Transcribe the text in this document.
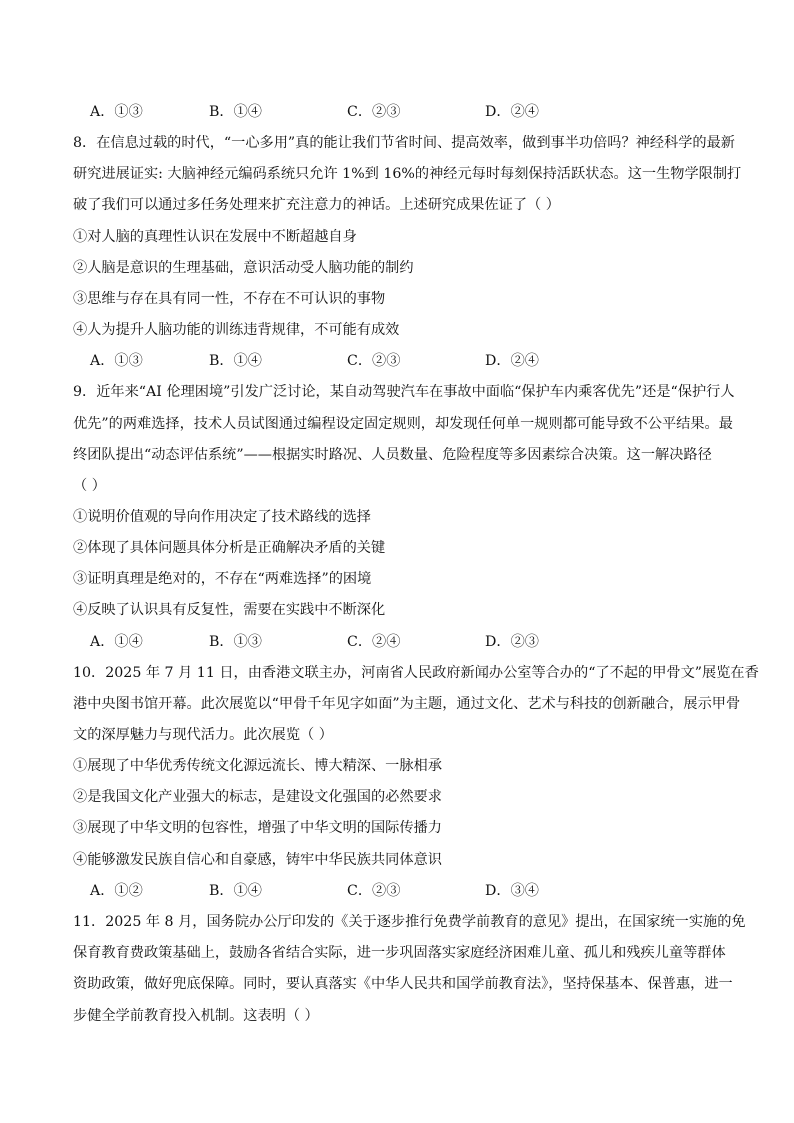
A．①③	B．①④	C．②③	D．②④
8．在信息过载的时代，“一心多用”真的能让我们节省时间、提高效率，做到事半功倍吗？神经科学的最新
研究进展证实: 大脑神经元编码系统只允许 1%到 16%的神经元每时每刻保持活跃状态。这一生物学限制打
破了我们可以通过多任务处理来扩充注意力的神话。上述研究成果佐证了（ ）
①对人脑的真理性认识在发展中不断超越自身
②人脑是意识的生理基础，意识活动受人脑功能的制约
③思维与存在具有同一性，不存在不可认识的事物
④人为提升人脑功能的训练违背规律，不可能有成效
A．①③	B．①④	C．②③	D．②④
9．近年来“AI 伦理困境”引发广泛讨论，某自动驾驶汽车在事故中面临“保护车内乘客优先”还是“保护行人
优先”的两难选择，技术人员试图通过编程设定固定规则，却发现任何单一规则都可能导致不公平结果。最
终团队提出“动态评估系统”——根据实时路况、人员数量、危险程度等多因素综合决策。这一解决路径
（ ）
①说明价值观的导向作用决定了技术路线的选择
②体现了具体问题具体分析是正确解决矛盾的关键
③证明真理是绝对的，不存在“两难选择”的困境
④反映了认识具有反复性，需要在实践中不断深化
A．①④	B．①③	C．②④	D．②③
10．2025 年 7 月 11 日，由香港文联主办，河南省人民政府新闻办公室等合办的“了不起的甲骨文”展览在香
港中央图书馆开幕。此次展览以“甲骨千年见字如面”为主题，通过文化、艺术与科技的创新融合，展示甲骨
文的深厚魅力与现代活力。此次展览（ ）
①展现了中华优秀传统文化源远流长、博大精深、一脉相承
②是我国文化产业强大的标志，是建设文化强国的必然要求
③展现了中华文明的包容性，增强了中华文明的国际传播力
④能够激发民族自信心和自豪感，铸牢中华民族共同体意识
A．①②	B．①④	C．②③	D．③④
11．2025 年 8 月，国务院办公厅印发的《关于逐步推行免费学前教育的意见》提出，在国家统一实施的免
保育教育费政策基础上，鼓励各省结合实际，进一步巩固落实家庭经济困难儿童、孤儿和残疾儿童等群体
资助政策，做好兜底保障。同时，要认真落实《中华人民共和国学前教育法》，坚持保基本、保普惠，进一
步健全学前教育投入机制。这表明（ ）
